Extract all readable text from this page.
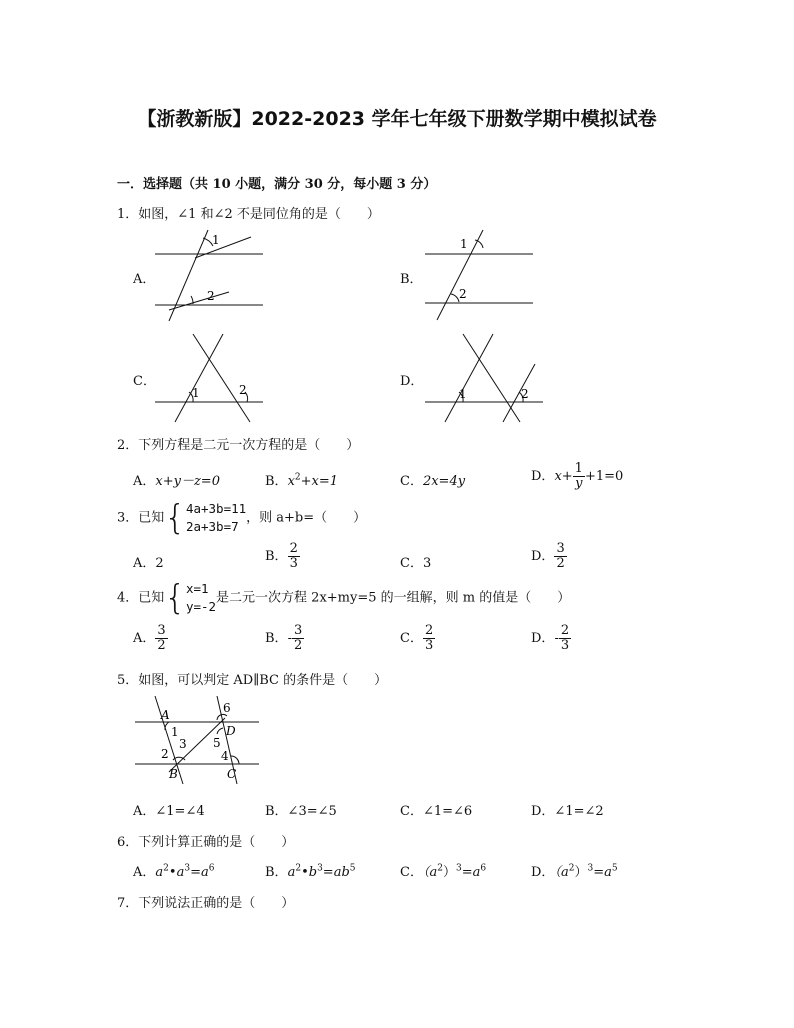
【浙教新版】2022-2023 学年七年级下册数学期中模拟试卷
一．选择题（共 10 小题，满分 30 分，每小题 3 分）
1．如图，∠1 和∠2 不是同位角的是（　　）
A．
1
2
B．
1
2
C．
1	2
D．
1	2
2．下列方程是二元一次方程的是（　　）
A．x+y－z=0	B．$x^2+x=1$	C．2x=4y	D．$x+ \frac{1}{y} +1=0$
3．已知{ 4a+3b=11
2a+3b=7
，则 a+b=（　　）
A．2	B． $\frac{2}{3}$	C．3	D． $\frac{3}{2}$
4．已知{ x=1
y=-2
是二元一次方程 2x+my=5 的一组解，则 m 的值是（　　）
A． $\frac{3}{2}$	B．- $\frac{3}{2}$	C． $\frac{2}{3}$	D．- $\frac{2}{3}$
5．如图，可以判定 AD∥BC 的条件是（　　）
A
1
2
3
B
6
D
5
4
C
A．∠1=∠4	B．∠3=∠5	C．∠1=∠6	D．∠1=∠2
6．下列计算正确的是（　　）
A．$a^2•a^3=a^6$	B．$a^2•b^3=ab^5$	C．$(a^2)^3=a^6$	D．$(a^2)^3=a^5$
7．下列说法正确的是（　　）
